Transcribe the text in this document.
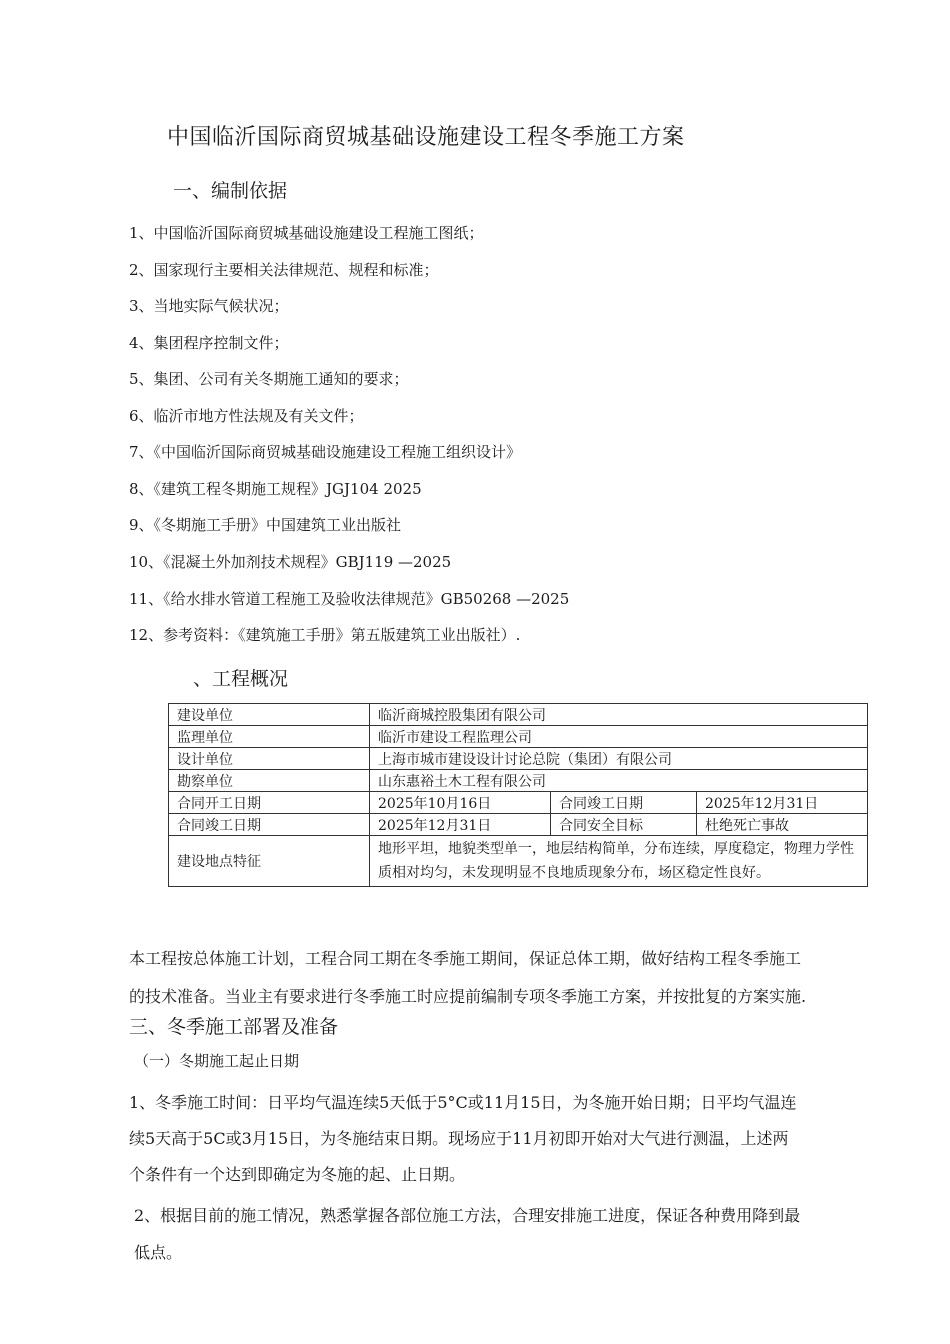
中国临沂国际商贸城基础设施建设工程冬季施工方案
一、编制依据
1、中国临沂国际商贸城基础设施建设工程施工图纸；
2、国家现行主要相关法律规范、规程和标准；
3、当地实际气候状况；
4、集团程序控制文件；
5、集团、公司有关冬期施工通知的要求；
6、临沂市地方性法规及有关文件；
7、《中国临沂国际商贸城基础设施建设工程施工组织设计》
8、《建筑工程冬期施工规程》JGJ104 2025
9、《冬期施工手册》中国建筑工业出版社
10、《混凝土外加剂技术规程》GBJ119 —2025
11、《给水排水管道工程施工及验收法律规范》GB50268 —2025
12、参考资料：《建筑施工手册》第五版建筑工业出版社）.
、工程概况
建设单位	临沂商城控股集团有限公司		
监理单位	临沂市建设工程监理公司		
设计单位	上海市城市建设设计讨论总院（集团）有限公司		
勘察单位	山东惠裕土木工程有限公司		
合同开工日期	2025年10月16日	合同竣工日期	2025年12月31日
合同竣工日期	2025年12月31日	合同安全目标	杜绝死亡事故
建设地点特征	地形平坦，地貌类型单一，地层结构简单，分布连续，厚度稳定，物理力学性质相对均匀，未发现明显不良地质现象分布，场区稳定性良好。		
本工程按总体施工计划，工程合同工期在冬季施工期间，保证总体工期，做好结构工程冬季施工
的技术准备。当业主有要求进行冬季施工时应提前编制专项冬季施工方案，并按批复的方案实施.
三、冬季施工部署及准备
（一）冬期施工起止日期
1、冬季施工时间：日平均气温连续5天低于5°C或11月15日，为冬施开始日期；日平均气温连
续5天高于5C或3月15日，为冬施结束日期。现场应于11月初即开始对大气进行测温，上述两
个条件有一个达到即确定为冬施的起、止日期。
2、根据目前的施工情况，熟悉掌握各部位施工方法，合理安排施工进度，保证各种费用降到最
低点。
